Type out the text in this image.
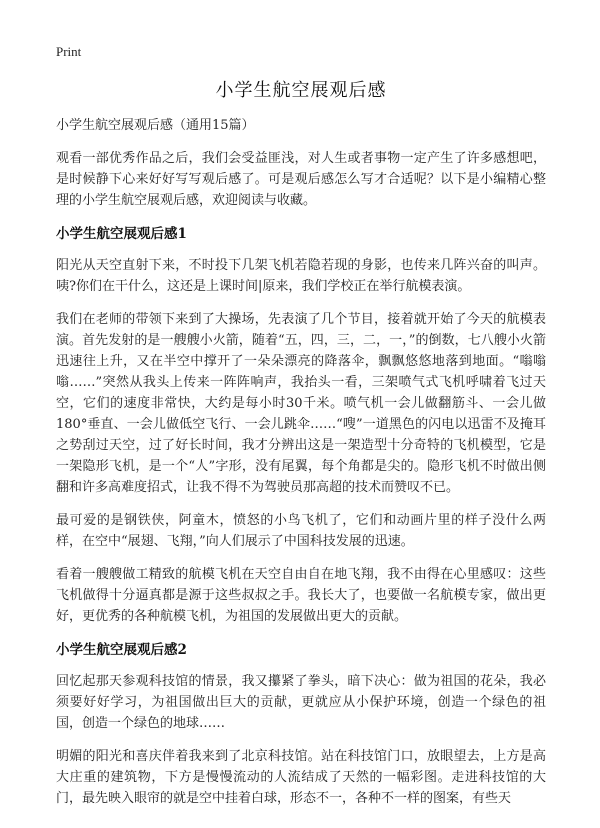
Print
小学生航空展观后感

小学生航空展观后感（通用15篇）

观看一部优秀作品之后，我们会受益匪浅，对人生或者事物一定产生了许多感想吧，是时候静下心来好好写写观后感了。可是观后感怎么写才合适呢？以下是小编精心整理的小学生航空展观后感，欢迎阅读与收藏。

小学生航空展观后感1

阳光从天空直射下来，不时投下几架飞机若隐若现的身影，也传来几阵兴奋的叫声。咦?你们在干什么，这还是上课时间|原来，我们学校正在举行航模表演。

我们在老师的带领下来到了大操场，先表演了几个节目，接着就开始了今天的航模表演。首先发射的是一艘艘小火箭，随着“五，四，三，二，一，”的倒数，七八艘小火箭迅速往上升，又在半空中撑开了一朵朵漂亮的降落伞，飘飘悠悠地落到地面。“嗡嗡嗡……”突然从我头上传来一阵阵响声，我抬头一看，三架喷气式飞机呼啸着飞过天空，它们的速度非常快，大约是每小时30千米。喷气机一会儿做翻筋斗、一会儿做180°垂直、一会儿做低空飞行、一会儿跳伞……“嗖”一道黑色的闪电以迅雷不及掩耳之势刮过天空，过了好长时间，我才分辨出这是一架造型十分奇特的飞机模型，它是一架隐形飞机，是一个“人”字形，没有尾翼，每个角都是尖的。隐形飞机不时做出侧翻和许多高难度招式，让我不得不为驾驶员那高超的技术而赞叹不已。

最可爱的是钢铁侠，阿童木，愤怒的小鸟飞机了，它们和动画片里的样子没什么两样，在空中“展翅、飞翔，”向人们展示了中国科技发展的迅速。

看着一艘艘做工精致的航模飞机在天空自由自在地飞翔，我不由得在心里感叹：这些飞机做得十分逼真都是源于这些叔叔之手。我长大了，也要做一名航模专家，做出更好，更优秀的各种航模飞机，为祖国的发展做出更大的贡献。

小学生航空展观后感2

回忆起那天参观科技馆的情景，我又攥紧了拳头，暗下决心：做为祖国的花朵，我必须要好好学习，为祖国做出巨大的贡献，更就应从小保护环境，创造一个绿色的祖国，创造一个绿色的地球……

明媚的阳光和喜庆伴着我来到了北京科技馆。站在科技馆门口，放眼望去，上方是高大庄重的建筑物，下方是慢慢流动的人流结成了天然的一幅彩图。走进科技馆的大门，最先映入眼帘的就是空中挂着白球，形态不一，各种不一样的图案，有些天
